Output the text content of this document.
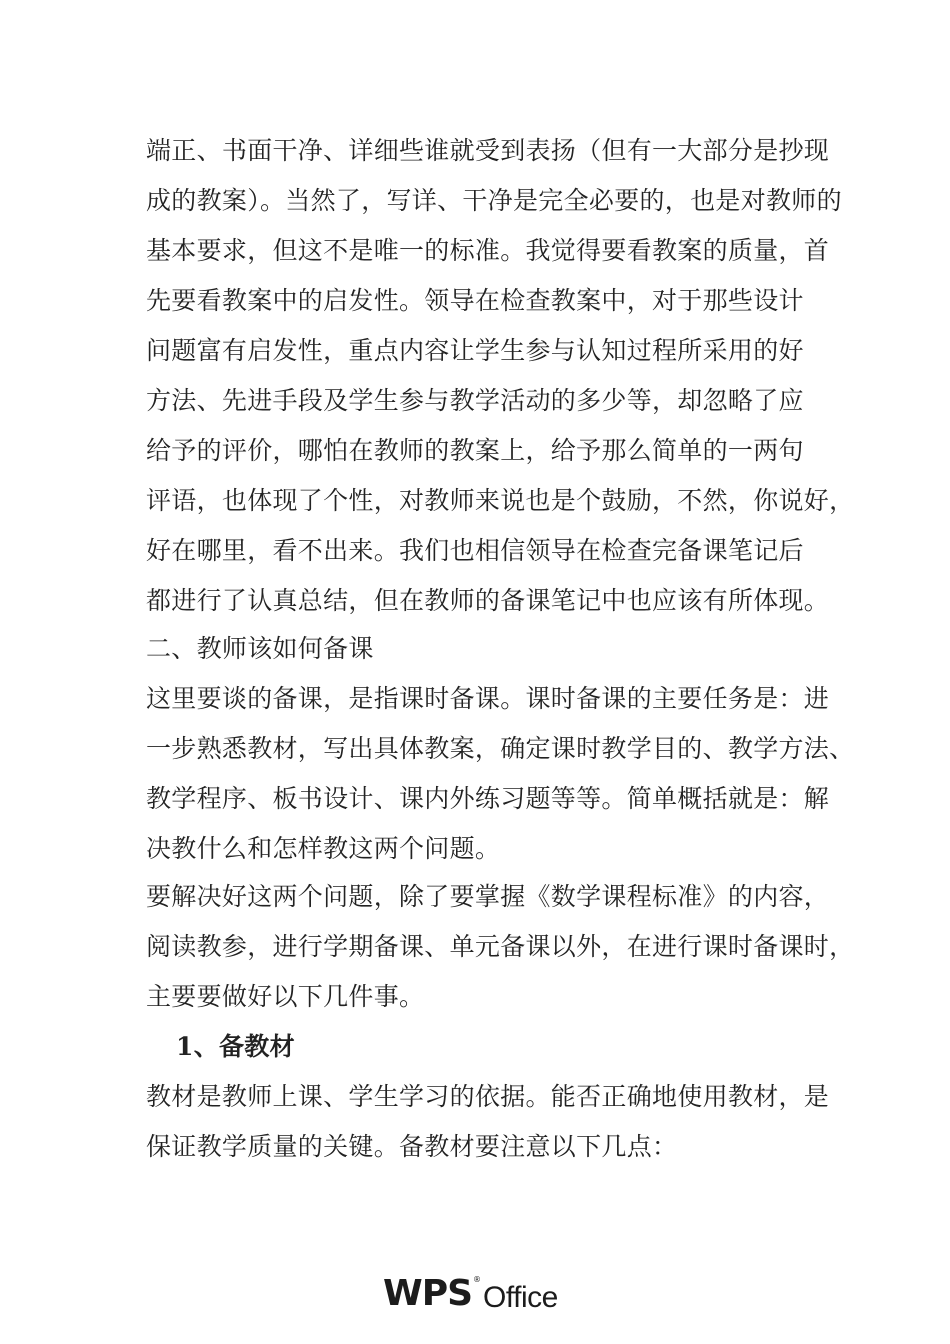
端正、书面干净、详细些谁就受到表扬（但有一大部分是抄现
成的教案）。当然了，写详、干净是完全必要的，也是对教师的
基本要求，但这不是唯一的标准。我觉得要看教案的质量，首
先要看教案中的启发性。领导在检查教案中，对于那些设计
问题富有启发性，重点内容让学生参与认知过程所采用的好
方法、先进手段及学生参与教学活动的多少等，却忽略了应
给予的评价，哪怕在教师的教案上，给予那么简单的一两句
评语，也体现了个性，对教师来说也是个鼓励，不然，你说好，
好在哪里，看不出来。我们也相信领导在检查完备课笔记后
都进行了认真总结，但在教师的备课笔记中也应该有所体现。
二、教师该如何备课
这里要谈的备课，是指课时备课。课时备课的主要任务是：进
一步熟悉教材，写出具体教案，确定课时教学目的、教学方法、
教学程序、板书设计、课内外练习题等等。简单概括就是：解
决教什么和怎样教这两个问题。
要解决好这两个问题，除了要掌握《数学课程标准》的内容，
阅读教参，进行学期备课、单元备课以外，在进行课时备课时，
主要要做好以下几件事。
1、备教材
教材是教师上课、学生学习的依据。能否正确地使用教材，是
保证教学质量的关键。备教材要注意以下几点：
WPS ®
Office
